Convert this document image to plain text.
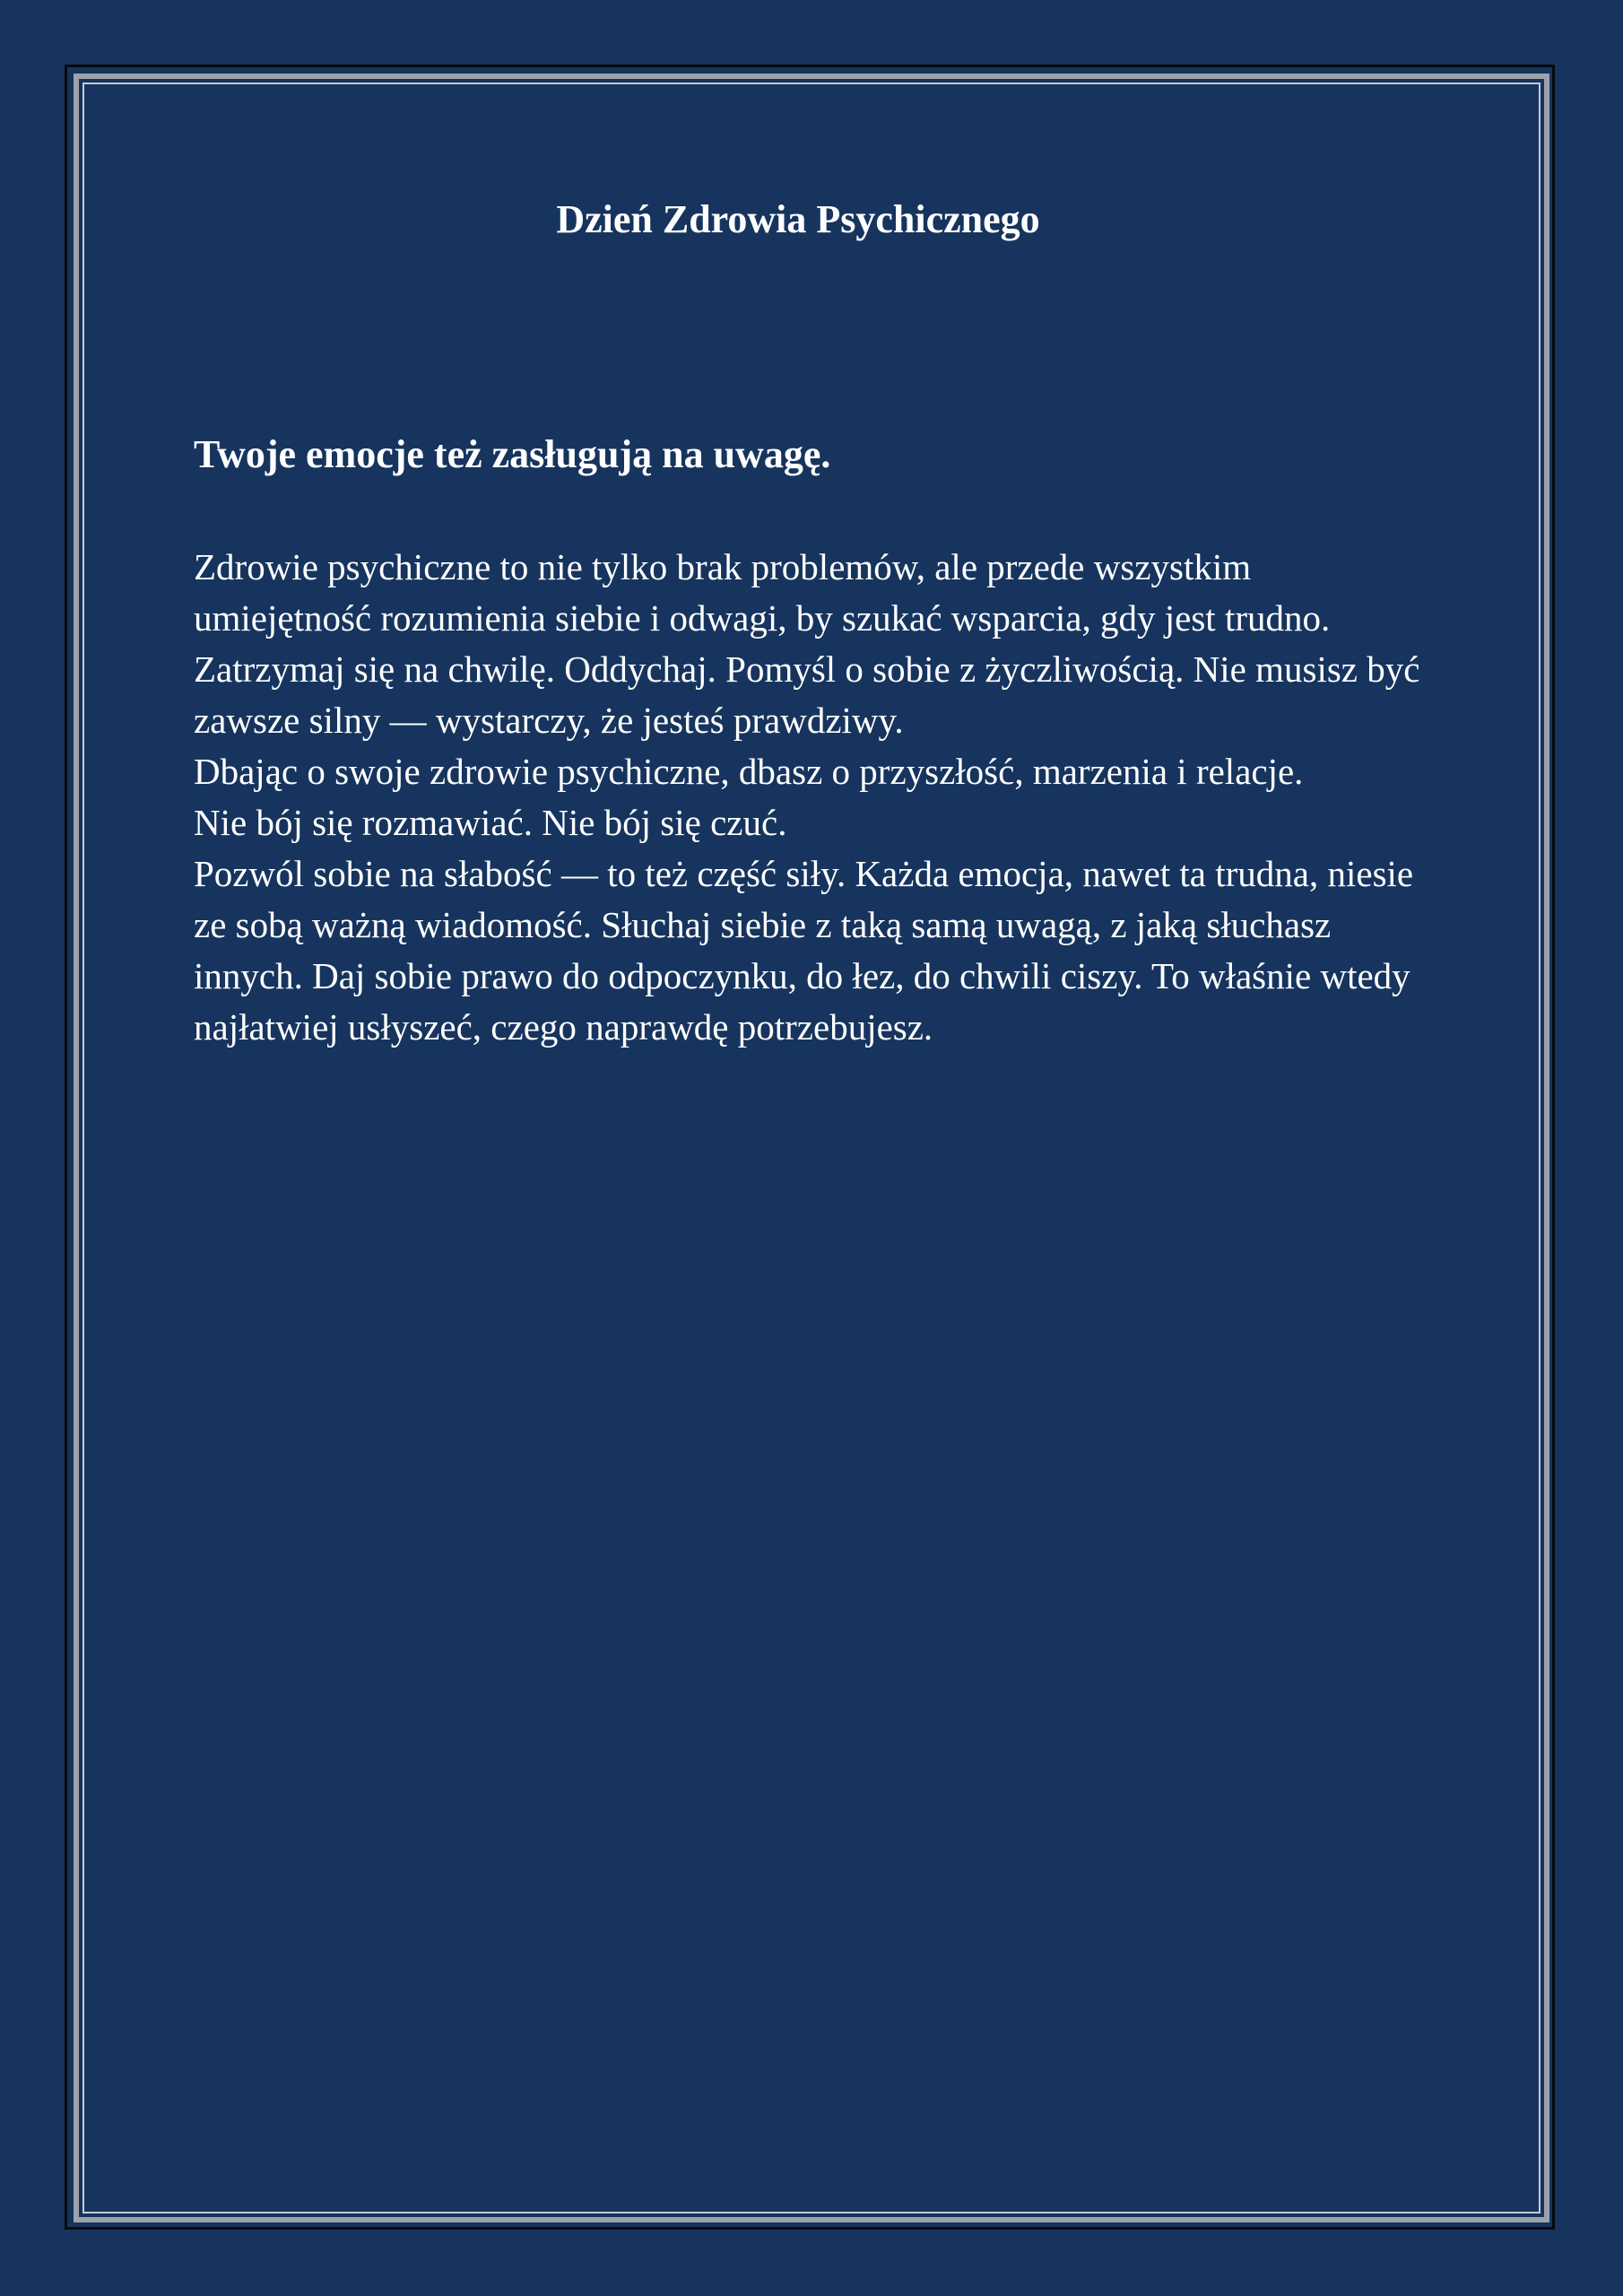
Dzień Zdrowia Psychicznego
Twoje emocje też zasługują na uwagę.

Zdrowie psychiczne to nie tylko brak problemów, ale przede wszystkim umiejętność rozumienia siebie i odwagi, by szukać wsparcia, gdy jest trudno. Zatrzymaj się na chwilę. Oddychaj. Pomyśl o sobie z życzliwością. Nie musisz być zawsze silny — wystarczy, że jesteś prawdziwy.

Dbając o swoje zdrowie psychiczne, dbasz o przyszłość, marzenia i relacje.

Nie bój się rozmawiać. Nie bój się czuć.

Pozwól sobie na słabość — to też część siły. Każda emocja, nawet ta trudna, niesie ze sobą ważną wiadomość. Słuchaj siebie z taką samą uwagą, z jaką słuchasz innych. Daj sobie prawo do odpoczynku, do łez, do chwili ciszy. To właśnie wtedy najłatwiej usłyszeć, czego naprawdę potrzebujesz.
